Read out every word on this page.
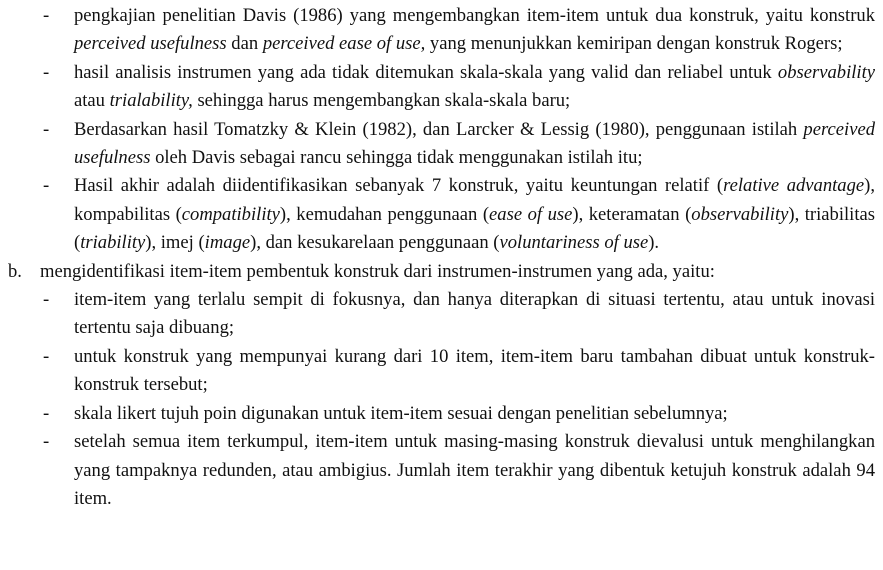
- pengkajian penelitian Davis (1986) yang mengembangkan item-item untuk dua konstruk, yaitu konstruk perceived usefulness dan perceived ease of use, yang menunjukkan kemiripan dengan konstruk Rogers;
- hasil analisis instrumen yang ada tidak ditemukan skala-skala yang valid dan reliabel untuk observability atau trialability, sehingga harus mengembangkan skala-skala baru;
- Berdasarkan hasil Tomatzky & Klein (1982), dan Larcker & Lessig (1980), penggunaan istilah perceived usefulness oleh Davis sebagai rancu sehingga tidak menggunakan istilah itu;
- Hasil akhir adalah diidentifikasikan sebanyak 7 konstruk, yaitu keuntungan relatif (relative advantage), kompabilitas (compatibility), kemudahan penggunaan (ease of use), keteramatan (observability), triabilitas (triability), imej (image), dan kesukarelaan penggunaan (voluntariness of use).
b. mengidentifikasi item-item pembentuk konstruk dari instrumen-instrumen yang ada, yaitu:
- item-item yang terlalu sempit di fokusnya, dan hanya diterapkan di situasi tertentu, atau untuk inovasi tertentu saja dibuang;
- untuk konstruk yang mempunyai kurang dari 10 item, item-item baru tambahan dibuat untuk konstruk-konstruk tersebut;
- skala likert tujuh poin digunakan untuk item-item sesuai dengan penelitian sebelumnya;
- setelah semua item terkumpul, item-item untuk masing-masing konstruk dievalusi untuk menghilangkan yang tampaknya redunden, atau ambigius. Jumlah item terakhir yang dibentuk ketujuh konstruk adalah 94 item.
